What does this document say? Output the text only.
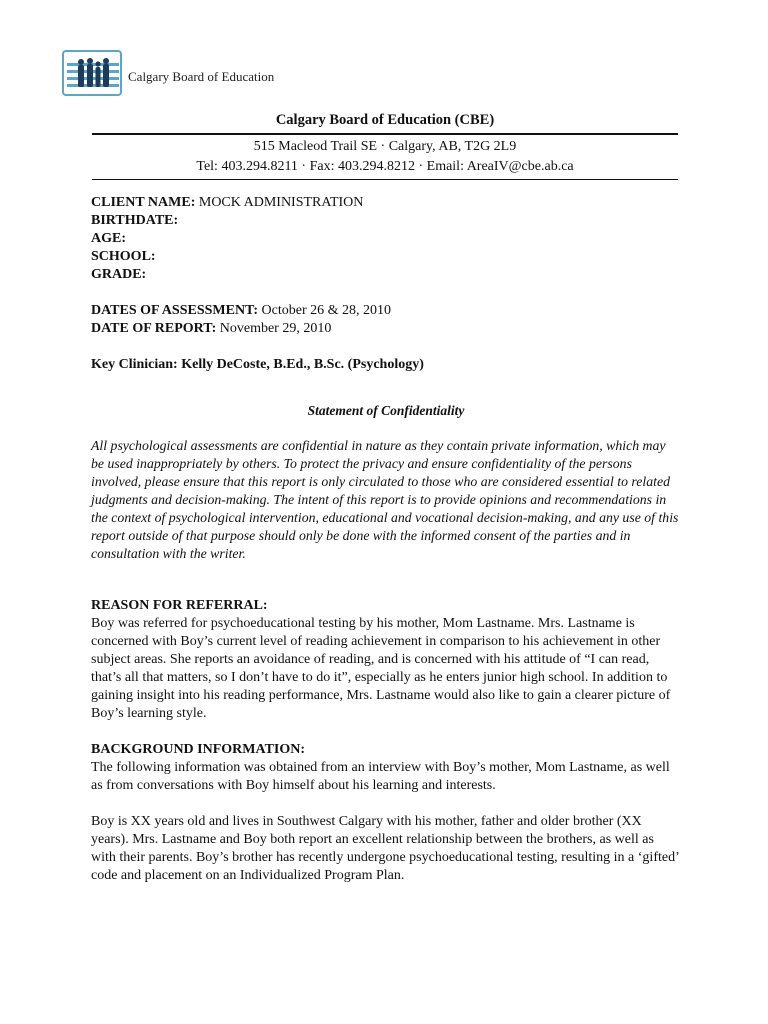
Calgary Board of Education
Calgary Board of Education (CBE)
515 Macleod Trail SE · Calgary, AB, T2G 2L9
Tel: 403.294.8211 · Fax: 403.294.8212 · Email: AreaIV@cbe.ab.ca
CLIENT NAME: MOCK ADMINISTRATION
BIRTHDATE:
AGE:
SCHOOL:
GRADE:
DATES OF ASSESSMENT: October 26 & 28, 2010
DATE OF REPORT: November 29, 2010
Key Clinician: Kelly DeCoste, B.Ed., B.Sc. (Psychology)
Statement of Confidentiality

All psychological assessments are confidential in nature as they contain private information, which may be used inappropriately by others. To protect the privacy and ensure confidentiality of the persons involved, please ensure that this report is only circulated to those who are considered essential to related judgments and decision-making. The intent of this report is to provide opinions and recommendations in the context of psychological intervention, educational and vocational decision-making, and any use of this report outside of that purpose should only be done with the informed consent of the parties and in consultation with the writer.

REASON FOR REFERRAL:

Boy was referred for psychoeducational testing by his mother, Mom Lastname. Mrs. Lastname is concerned with Boy’s current level of reading achievement in comparison to his achievement in other subject areas. She reports an avoidance of reading, and is concerned with his attitude of “I can read, that’s all that matters, so I don’t have to do it”, especially as he enters junior high school. In addition to gaining insight into his reading performance, Mrs. Lastname would also like to gain a clearer picture of Boy’s learning style.

BACKGROUND INFORMATION:

The following information was obtained from an interview with Boy’s mother, Mom Lastname, as well as from conversations with Boy himself about his learning and interests.

Boy is XX years old and lives in Southwest Calgary with his mother, father and older brother (XX years). Mrs. Lastname and Boy both report an excellent relationship between the brothers, as well as with their parents. Boy’s brother has recently undergone psychoeducational testing, resulting in a ‘gifted’ code and placement on an Individualized Program Plan.
